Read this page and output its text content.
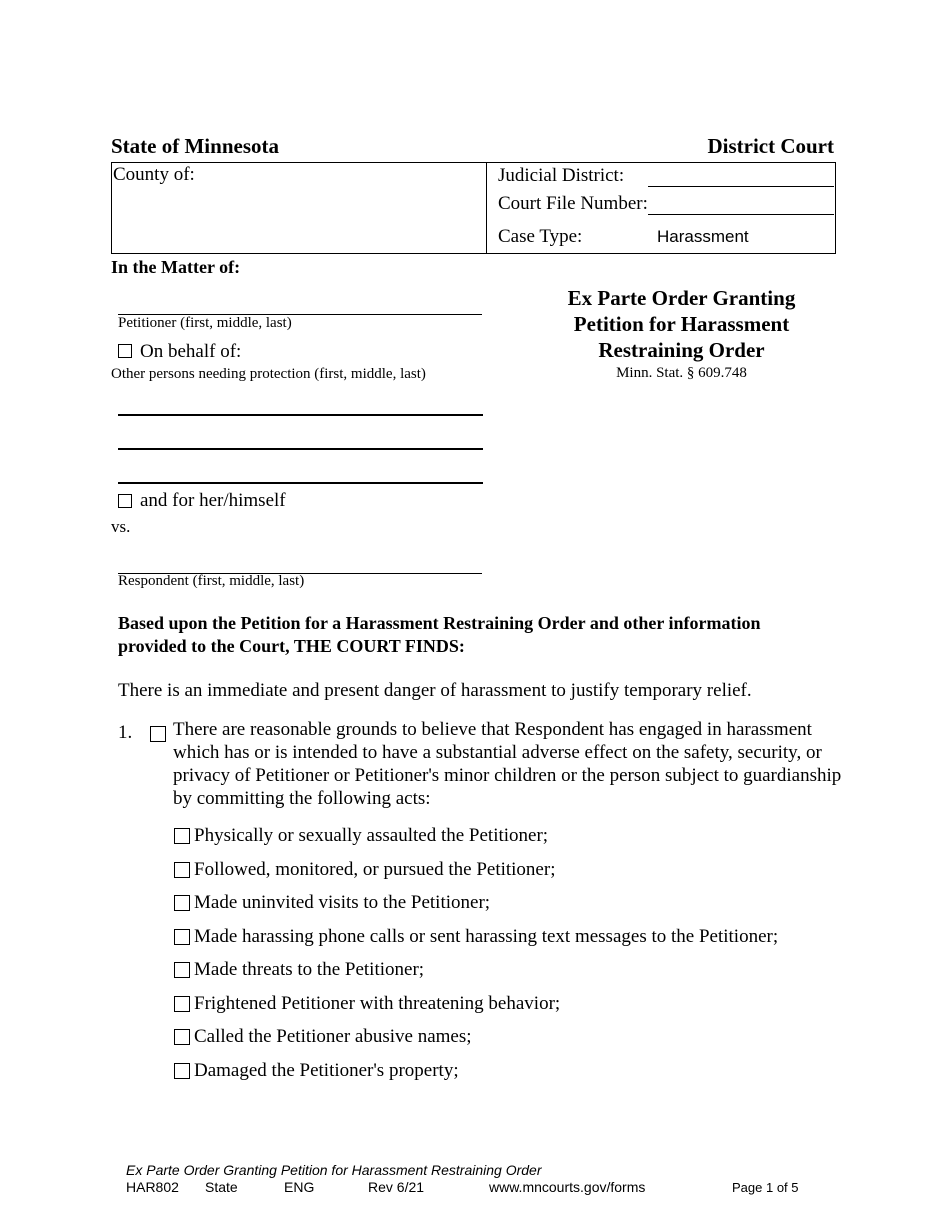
State of Minnesota	District Court
County of:	Judicial District:
Court File Number:
Case Type:	Harassment
In the Matter of:
Petitioner (first, middle, last)
On behalf of:
Other persons needing protection (first, middle, last)
and for her/himself
vs.
Respondent (first, middle, last)
Ex Parte Order Granting
Petition for Harassment
Restraining Order
Minn. Stat. § 609.748
Based upon the Petition for a Harassment Restraining Order and other information
provided to the Court, THE COURT FINDS:
There is an immediate and present danger of harassment to justify temporary relief.
1. There are reasonable grounds to believe that Respondent has engaged in harassment
which has or is intended to have a substantial adverse effect on the safety, security, or
privacy of Petitioner or Petitioner's minor children or the person subject to guardianship
by committing the following acts:
Physically or sexually assaulted the Petitioner;
Followed, monitored, or pursued the Petitioner;
Made uninvited visits to the Petitioner;
Made harassing phone calls or sent harassing text messages to the Petitioner;
Made threats to the Petitioner;
Frightened Petitioner with threatening behavior;
Called the Petitioner abusive names;
Damaged the Petitioner's property;
Ex Parte Order Granting Petition for Harassment Restraining Order
HAR802 State	ENG	Rev 6/21	www.mncourts.gov/forms	Page 1 of 5
